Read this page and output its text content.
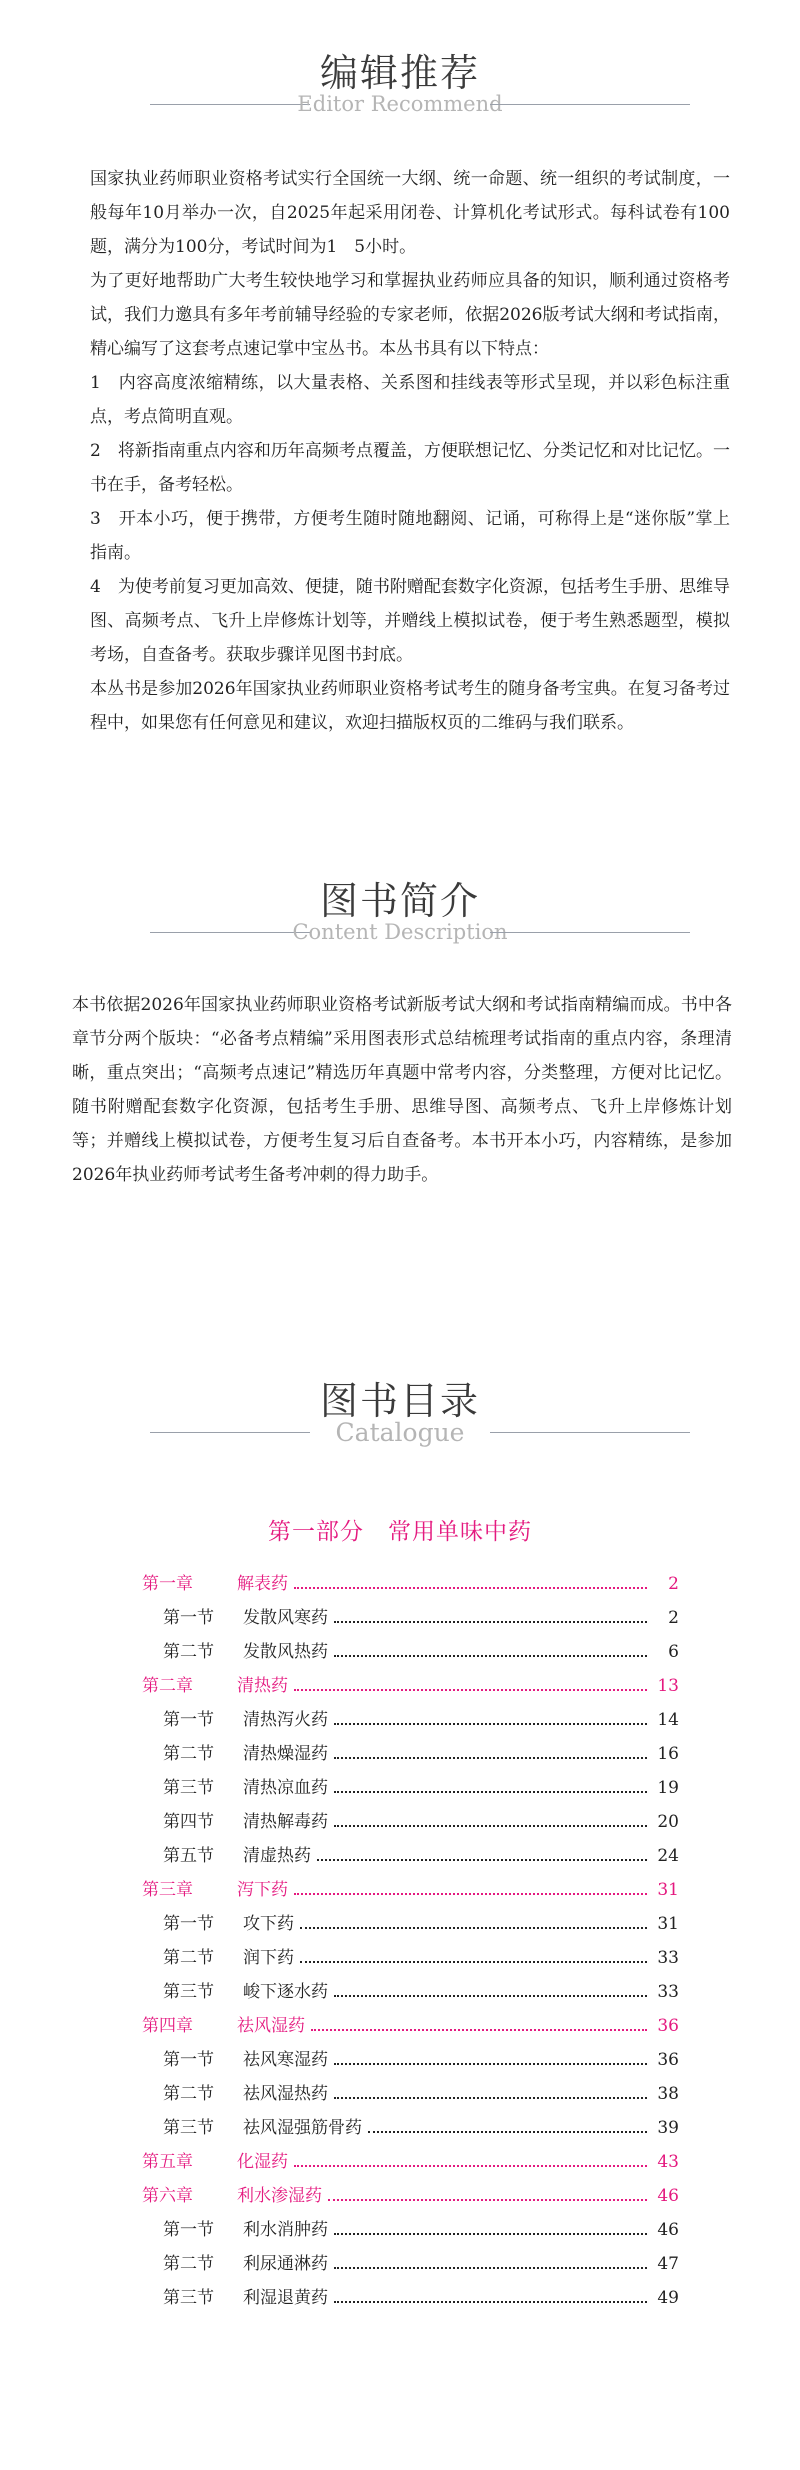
编辑推荐
Editor Recommend

国家执业药师职业资格考试实行全国统一大纲、统一命题、统一组织的考试制度，一般每年10月举办一次，自2025年起采用闭卷、计算机化考试形式。每科试卷有100题，满分为100分，考试时间为1　5小时。

为了更好地帮助广大考生较快地学习和掌握执业药师应具备的知识，顺利通过资格考试，我们力邀具有多年考前辅导经验的专家老师，依据2026版考试大纲和考试指南，精心编写了这套考点速记掌中宝丛书。本丛书具有以下特点：

1　内容高度浓缩精练，以大量表格、关系图和挂线表等形式呈现，并以彩色标注重点，考点简明直观。

2　将新指南重点内容和历年高频考点覆盖，方便联想记忆、分类记忆和对比记忆。一书在手，备考轻松。

3　开本小巧，便于携带，方便考生随时随地翻阅、记诵，可称得上是“迷你版”掌上指南。

4　为使考前复习更加高效、便捷，随书附赠配套数字化资源，包括考生手册、思维导图、高频考点、飞升上岸修炼计划等，并赠线上模拟试卷，便于考生熟悉题型，模拟考场，自查备考。获取步骤详见图书封底。

本丛书是参加2026年国家执业药师职业资格考试考生的随身备考宝典。在复习备考过程中，如果您有任何意见和建议，欢迎扫描版权页的二维码与我们联系。

图书简介
Content Description

本书依据2026年国家执业药师职业资格考试新版考试大纲和考试指南精编而成。书中各章节分两个版块：“必备考点精编”采用图表形式总结梳理考试指南的重点内容，条理清晰，重点突出；“高频考点速记”精选历年真题中常考内容，分类整理，方便对比记忆。随书附赠配套数字化资源，包括考生手册、思维导图、高频考点、飞升上岸修炼计划等；并赠线上模拟试卷，方便考生复习后自查备考。本书开本小巧，内容精练，是参加2026年执业药师考试考生备考冲刺的得力助手。

图书目录
Catalogue
第一部分　常用单味中药
第一章	解表药	2
第一节	发散风寒药	2
第二节	发散风热药	6
第二章	清热药	13
第一节	清热泻火药	14
第二节	清热燥湿药	16
第三节	清热凉血药	19
第四节	清热解毒药	20
第五节	清虚热药	24
第三章	泻下药	31
第一节	攻下药	31
第二节	润下药	33
第三节	峻下逐水药	33
第四章	祛风湿药	36
第一节	祛风寒湿药	36
第二节	祛风湿热药	38
第三节	祛风湿强筋骨药	39
第五章	化湿药	43
第六章	利水渗湿药	46
第一节	利水消肿药	46
第二节	利尿通淋药	47
第三节	利湿退黄药	49
